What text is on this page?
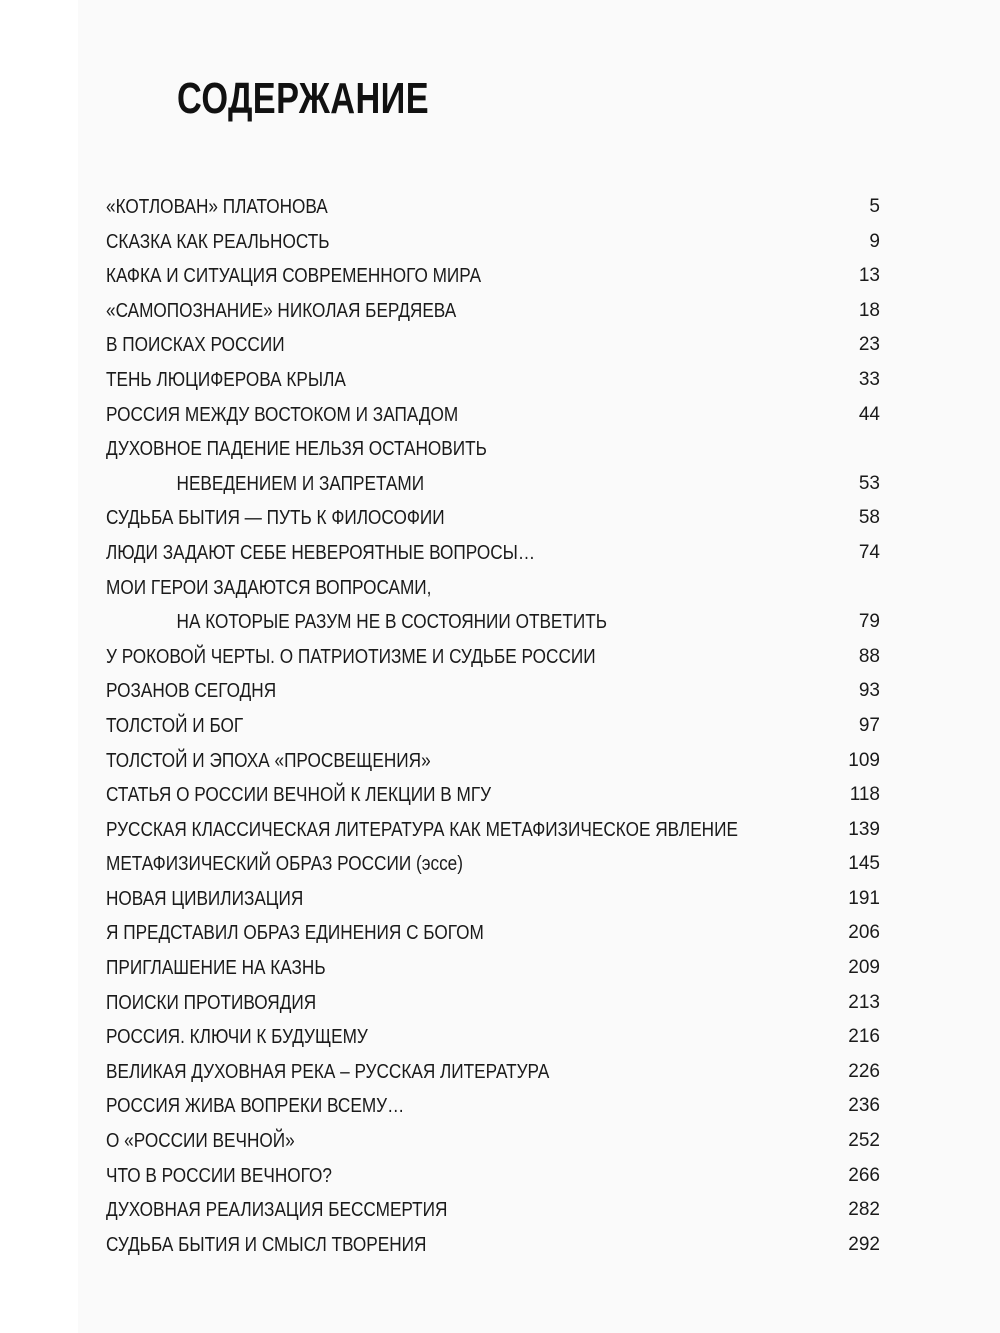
СОДЕРЖАНИЕ
«КОТЛОВАН» ПЛАТОНОВА	5
СКАЗКА КАК РЕАЛЬНОСТЬ	9
КАФКА И СИТУАЦИЯ СОВРЕМЕННОГО МИРА	13
«САМОПОЗНАНИЕ» НИКОЛАЯ БЕРДЯЕВА	18
В ПОИСКАХ РОССИИ	23
ТЕНЬ ЛЮЦИФЕРОВА КРЫЛА	33
РОССИЯ МЕЖДУ ВОСТОКОМ И ЗАПАДОМ	44
ДУХОВНОЕ ПАДЕНИЕ НЕЛЬЗЯ ОСТАНОВИТЬ
НЕВЕДЕНИЕМ И ЗАПРЕТАМИ	53
СУДЬБА БЫТИЯ — ПУТЬ К ФИЛОСОФИИ	58
ЛЮДИ ЗАДАЮТ СЕБЕ НЕВЕРОЯТНЫЕ ВОПРОСЫ…	74
МОИ ГЕРОИ ЗАДАЮТСЯ ВОПРОСАМИ,
НА КОТОРЫЕ РАЗУМ НЕ В СОСТОЯНИИ ОТВЕТИТЬ	79
У РОКОВОЙ ЧЕРТЫ. О ПАТРИОТИЗМЕ И СУДЬБЕ РОССИИ	88
РОЗАНОВ СЕГОДНЯ	93
ТОЛСТОЙ И БОГ	97
ТОЛСТОЙ И ЭПОХА «ПРОСВЕЩЕНИЯ»	109
СТАТЬЯ О РОССИИ ВЕЧНОЙ К ЛЕКЦИИ В МГУ	118
РУССКАЯ КЛАССИЧЕСКАЯ ЛИТЕРАТУРА КАК МЕТАФИЗИЧЕСКОЕ ЯВЛЕНИЕ	139
МЕТАФИЗИЧЕСКИЙ ОБРАЗ РОССИИ (эссе)	145
НОВАЯ ЦИВИЛИЗАЦИЯ	191
Я ПРЕДСТАВИЛ ОБРАЗ ЕДИНЕНИЯ С БОГОМ	206
ПРИГЛАШЕНИЕ НА КАЗНЬ	209
ПОИСКИ ПРОТИВОЯДИЯ	213
РОССИЯ. КЛЮЧИ К БУДУЩЕМУ	216
ВЕЛИКАЯ ДУХОВНАЯ РЕКА – РУССКАЯ ЛИТЕРАТУРА	226
РОССИЯ ЖИВА ВОПРЕКИ ВСЕМУ…	236
О «РОССИИ ВЕЧНОЙ»	252
ЧТО В РОССИИ ВЕЧНОГО?	266
ДУХОВНАЯ РЕАЛИЗАЦИЯ БЕССМЕРТИЯ	282
СУДЬБА БЫТИЯ И СМЫСЛ ТВОРЕНИЯ	292
